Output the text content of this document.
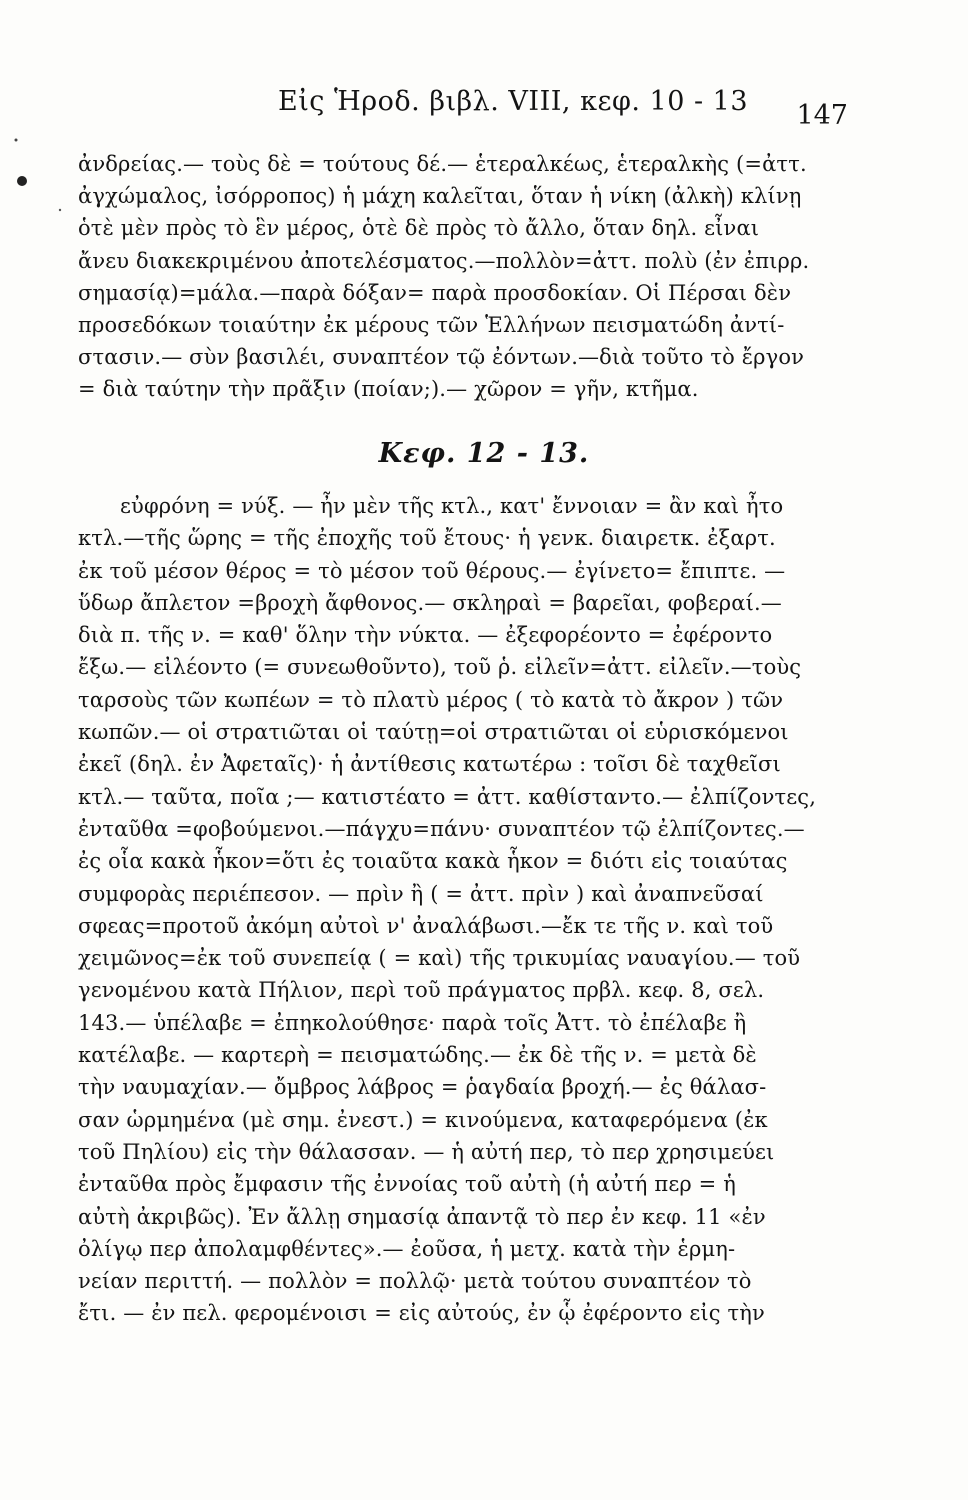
Εἰς Ἡροδ. βιβλ. VIII, κεφ. 10 - 13 147
ἀνδρείας.— τοὺς δὲ = τούτους δέ.— ἑτεραλκέως, ἑτεραλκὴς (=ἀττ.
ἀγχώμαλος, ἰσόρροπος) ἡ μάχη καλεῖται, ὅταν ἡ νίκη (ἀλκὴ) κλίνῃ
ὁτὲ μὲν πρὸς τὸ ἓν μέρος, ὁτὲ δὲ πρὸς τὸ ἄλλο, ὅταν δηλ. εἶναι
ἄνευ διακεκριμένου ἀποτελέσματος.—πολλὸν=ἀττ. πολὺ (ἐν ἐπιρρ.
σημασίᾳ)=μάλα.—παρὰ δόξαν= παρὰ προσδοκίαν. Οἱ Πέρσαι δὲν
προσεδόκων τοιαύτην ἐκ μέρους τῶν Ἑλλήνων πεισματώδη ἀντί-
στασιν.— σὺν βασιλέι, συναπτέον τῷ ἐόντων.—διὰ τοῦτο τὸ ἔργον
= διὰ ταύτην τὴν πρᾶξιν (ποίαν;).— χῶρον = γῆν, κτῆμα.
Κεφ. 12 - 13.
εὐφρόνη = νύξ. — ἦν μὲν τῆς κτλ., κατ' ἔννοιαν = ἂν καὶ ἦτο
κτλ.—τῆς ὥρης = τῆς ἐποχῆς τοῦ ἔτους· ἡ γενκ. διαιρετκ. ἐξαρτ.
ἐκ τοῦ μέσον θέρος = τὸ μέσον τοῦ θέρους.— ἐγίνετο= ἔπιπτε. —
ὕδωρ ἄπλετον =βροχὴ ἄφθονος.— σκληραὶ = βαρεῖαι, φοβεραί.—
διὰ π. τῆς ν. = καθ' ὅλην τὴν νύκτα. — ἐξεφορέοντο = ἐφέροντο
ἔξω.— εἰλέοντο (= συνεωθοῦντο), τοῦ ῥ. εἰλεῖν=ἀττ. εἰλεῖν.—τοὺς
ταρσοὺς τῶν κωπέων = τὸ πλατὺ μέρος ( τὸ κατὰ τὸ ἄκρον ) τῶν
κωπῶν.— οἱ στρατιῶται οἱ ταύτῃ=οἱ στρατιῶται οἱ εὑρισκόμενοι
ἐκεῖ (δηλ. ἐν Ἀφεταῖς)· ἡ ἀντίθεσις κατωτέρω : τοῖσι δὲ ταχθεῖσι
κτλ.— ταῦτα, ποῖα ;— κατιστέατο = ἀττ. καθίσταντο.— ἐλπίζοντες,
ἐνταῦθα =φοβούμενοι.—πάγχυ=πάνυ· συναπτέον τῷ ἐλπίζοντες.—
ἐς οἷα κακὰ ἧκον=ὅτι ἐς τοιαῦτα κακὰ ἧκον = διότι εἰς τοιαύτας
συμφορὰς περιέπεσον. — πρὶν ἢ ( = ἀττ. πρὶν ) καὶ ἀναπνεῦσαί
σφεας=προτοῦ ἀκόμη αὐτοὶ ν' ἀναλάβωσι.—ἔκ τε τῆς ν. καὶ τοῦ
χειμῶνος=ἐκ τοῦ συνεπείᾳ ( = καὶ) τῆς τρικυμίας ναυαγίου.— τοῦ
γενομένου κατὰ Πήλιον, περὶ τοῦ πράγματος πρβλ. κεφ. 8, σελ.
143.— ὑπέλαβε = ἐπηκολούθησε· παρὰ τοῖς Ἀττ. τὸ ἐπέλαβε ἢ
κατέλαβε. — καρτερὴ = πεισματώδης.— ἐκ δὲ τῆς ν. = μετὰ δὲ
τὴν ναυμαχίαν.— ὄμβρος λάβρος = ῥαγδαία βροχή.— ἐς θάλασ-
σαν ὡρμημένα (μὲ σημ. ἐνεστ.) = κινούμενα, καταφερόμενα (ἐκ
τοῦ Πηλίου) εἰς τὴν θάλασσαν. — ἡ αὐτή περ, τὸ περ χρησιμεύει
ἐνταῦθα πρὸς ἔμφασιν τῆς ἐννοίας τοῦ αὐτὴ (ἡ αὐτή περ = ἡ
αὐτὴ ἀκριβῶς). Ἐν ἄλλῃ σημασίᾳ ἀπαντᾷ τὸ περ ἐν κεφ. 11 «ἐν
ὀλίγῳ περ ἀπολαμφθέντες».— ἐοῦσα, ἡ μετχ. κατὰ τὴν ἑρμη-
νείαν περιττή. — πολλὸν = πολλῷ· μετὰ τούτου συναπτέον τὸ
ἔτι. — ἐν πελ. φερομένοισι = εἰς αὐτούς, ἐν ᾧ ἐφέροντο εἰς τὴν
